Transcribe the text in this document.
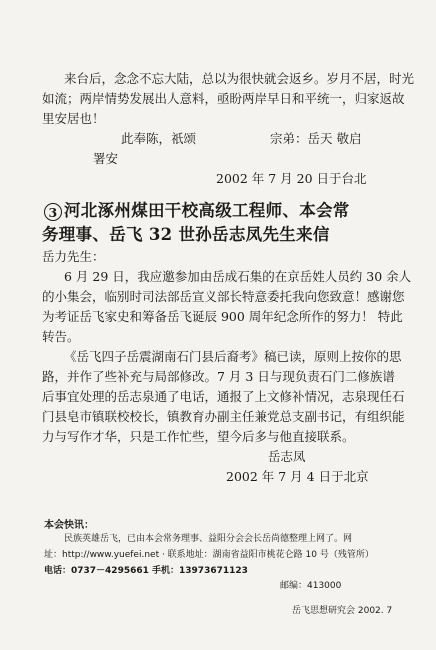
来台后，念念不忘大陆，总以为很快就会返乡。岁月不居，时光
如流；两岸情势发展出人意料，亟盼两岸早日和平统一，归家返故
里安居也！
此奉陈，祇颂	宗弟：岳天 敬启
署安
2002 年 7 月 20 日于台北
3 河北涿州煤田干校高级工程师、本会常
务理事、岳飞 32 世孙岳志凤先生来信
岳力先生：
6 月 29 日，我应邀参加由岳成石集的在京岳姓人员约 30 余人
的小集会，临别时司法部岳宣义部长特意委托我向您致意！感谢您
为考证岳飞家史和筹备岳飞诞辰 900 周年纪念所作的努力！ 特此
转告。
《岳飞四子岳震湖南石门县后裔考》稿已读，原则上按你的思
路，并作了些补充与局部修改。7 月 3 日与现负责石门二修族谱
后事宜处理的岳志泉通了电话，通报了上文修补情况，志泉现任石
门县皂市镇联校校长，镇教育办副主任兼党总支副书记，有组织能
力与写作才华，只是工作忙些，望今后多与他直接联系。
岳志凤
2002 年 7 月 4 日于北京
本会快讯：
民族英雄岳飞，已由本会常务理事、益阳分会会长岳尚德整理上网了。网
址：http://www.yuefei.net · 联系地址：湖南省益阳市桃花仑路 10 号（残管所）
电话：0737－4295661 手机：13973671123
邮编：413000
岳飞思想研究会 2002. 7
